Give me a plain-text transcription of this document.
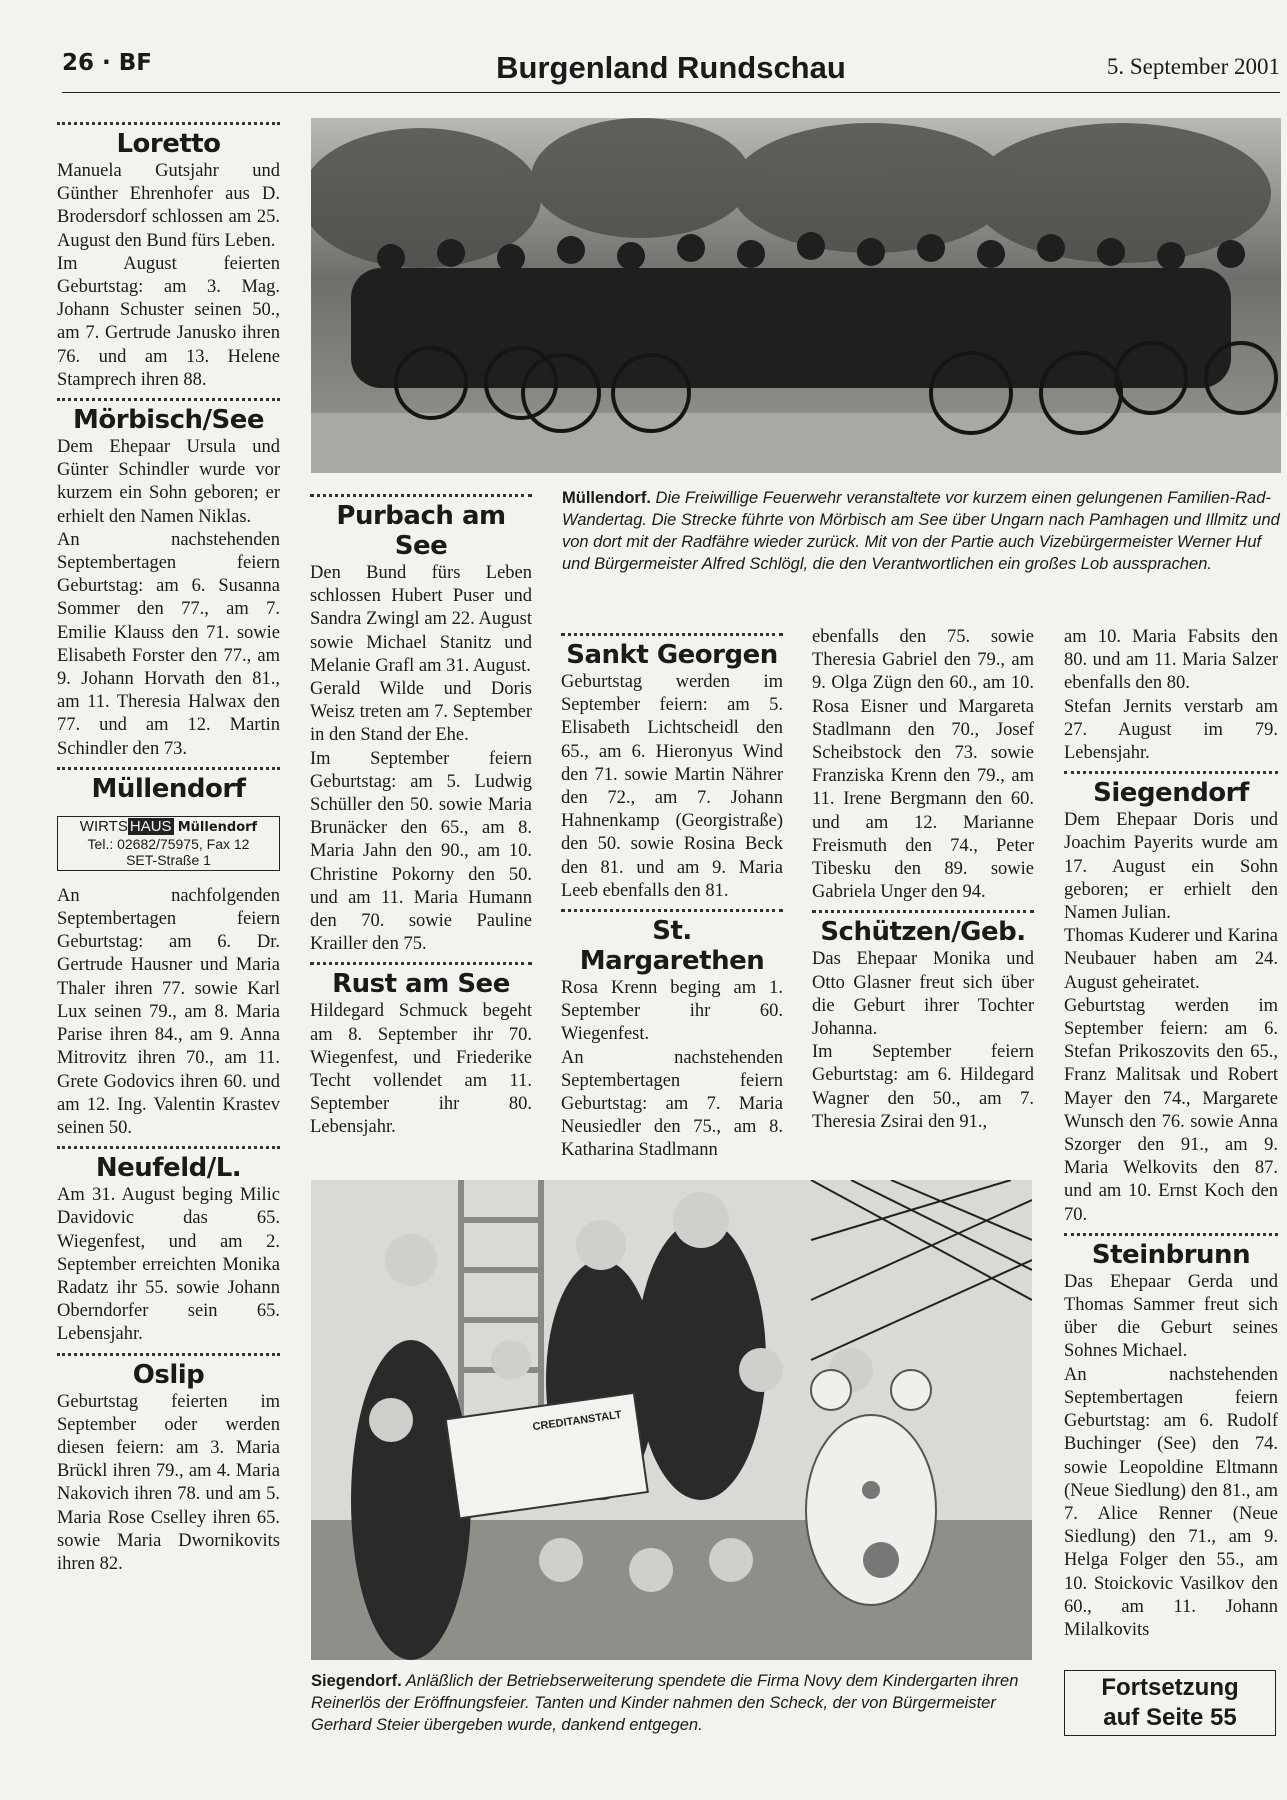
26 · BF	Burgenland Rundschau	5. September 2001
Loretto

Manuela Gutsjahr und Günther Ehrenhofer aus D. Brodersdorf schlossen am 25. August den Bund fürs Leben.

Im August feierten Geburtstag: am 3. Mag. Johann Schuster seinen 50., am 7. Gertrude Janusko ihren 76. und am 13. Helene Stamprech ihren 88.

Mörbisch/See

Dem Ehepaar Ursula und Günter Schindler wurde vor kurzem ein Sohn geboren; er erhielt den Namen Niklas.

An nachstehenden Septembertagen feiern Geburtstag: am 6. Susanna Sommer den 77., am 7. Emilie Klauss den 71. sowie Elisabeth Forster den 77., am 9. Johann Horvath den 81., am 11. Theresia Halwax den 77. und am 12. Martin Schindler den 73.

Müllendorf
WIRTS HAUS Müllendorf
Tel.: 02682/75975, Fax 12
SET-Straße 1

An nachfolgenden Septembertagen feiern Geburtstag: am 6. Dr. Gertrude Hausner und Maria Thaler ihren 77. sowie Karl Lux seinen 79., am 8. Maria Parise ihren 84., am 9. Anna Mitrovitz ihren 70., am 11. Grete Godovics ihren 60. und am 12. Ing. Valentin Krastev seinen 50.

Neufeld/L.

Am 31. August beging Milic Davidovic das 65. Wiegenfest, und am 2. September erreichten Monika Radatz ihr 55. sowie Johann Oberndorfer sein 65. Lebensjahr.

Oslip

Geburtstag feierten im September oder werden diesen feiern: am 3. Maria Brückl ihren 79., am 4. Maria Nakovich ihren 78. und am 5. Maria Rose Cselley ihren 65. sowie Maria Dwornikovits ihren 82.

Müllendorf. Die Freiwillige Feuerwehr veranstaltete vor kurzem einen gelungenen Familien-Rad-Wandertag. Die Strecke führte von Mörbisch am See über Ungarn nach Pamhagen und Illmitz und von dort mit der Radfähre wieder zurück. Mit von der Partie auch Vizebürgermeister Werner Huf und Bürgermeister Alfred Schlögl, die den Verantwortlichen ein großes Lob aussprachen.
Purbach am See

Den Bund fürs Leben schlossen Hubert Puser und Sandra Zwingl am 22. August sowie Michael Stanitz und Melanie Grafl am 31. August.

Gerald Wilde und Doris Weisz treten am 7. September in den Stand der Ehe.

Im September feiern Geburtstag: am 5. Ludwig Schüller den 50. sowie Maria Brunäcker den 65., am 8. Maria Jahn den 90., am 10. Christine Pokorny den 50. und am 11. Maria Humann den 70. sowie Pauline Krailler den 75.

Rust am See

Hildegard Schmuck begeht am 8. September ihr 70. Wiegenfest, und Friederike Techt vollendet am 11. September ihr 80. Lebensjahr.

Sankt Georgen

Geburtstag werden im September feiern: am 5. Elisabeth Lichtscheidl den 65., am 6. Hieronyus Wind den 71. sowie Martin Nährer den 72., am 7. Johann Hahnenkamp (Georgistraße) den 50. sowie Rosina Beck den 81. und am 9. Maria Leeb ebenfalls den 81.

St. Margarethen

Rosa Krenn beging am 1. September ihr 60. Wiegenfest.

An nachstehenden Septembertagen feiern Geburtstag: am 7. Maria Neusiedler den 75., am 8. Katharina Stadlmann

ebenfalls den 75. sowie Theresia Gabriel den 79., am 9. Olga Zügn den 60., am 10. Rosa Eisner und Margareta Stadlmann den 70., Josef Scheibstock den 73. sowie Franziska Krenn den 79., am 11. Irene Bergmann den 60. und am 12. Marianne Freismuth den 74., Peter Tibesku den 89. sowie Gabriela Unger den 94.

Schützen/Geb.

Das Ehepaar Monika und Otto Glasner freut sich über die Geburt ihrer Tochter Johanna.

Im September feiern Geburtstag: am 6. Hildegard Wagner den 50., am 7. Theresia Zsirai den 91.,

am 10. Maria Fabsits den 80. und am 11. Maria Salzer ebenfalls den 80.

Stefan Jernits verstarb am 27. August im 79. Lebensjahr.

Siegendorf

Dem Ehepaar Doris und Joachim Payerits wurde am 17. August ein Sohn geboren; er erhielt den Namen Julian.

Thomas Kuderer und Karina Neubauer haben am 24. August geheiratet.

Geburtstag werden im September feiern: am 6. Stefan Prikoszovits den 65., Franz Malitsak und Robert Mayer den 74., Margarete Wunsch den 76. sowie Anna Szorger den 91., am 9. Maria Welkovits den 87. und am 10. Ernst Koch den 70.

Steinbrunn

Das Ehepaar Gerda und Thomas Sammer freut sich über die Geburt seines Sohnes Michael.

An nachstehenden Septembertagen feiern Geburtstag: am 6. Rudolf Buchinger (See) den 74. sowie Leopoldine Eltmann (Neue Siedlung) den 81., am 7. Alice Renner (Neue Siedlung) den 71., am 9. Helga Folger den 55., am 10. Stoickovic Vasilkov den 60., am 11. Johann Milalkovits

CREDITANSTALT
Siegendorf. Anläßlich der Betriebserweiterung spendete die Firma Novy dem Kindergarten ihren Reinerlös der Eröffnungsfeier. Tanten und Kinder nahmen den Scheck, der von Bürgermeister Gerhard Steier übergeben wurde, dankend entgegen.
Fortsetzung
auf Seite 55
